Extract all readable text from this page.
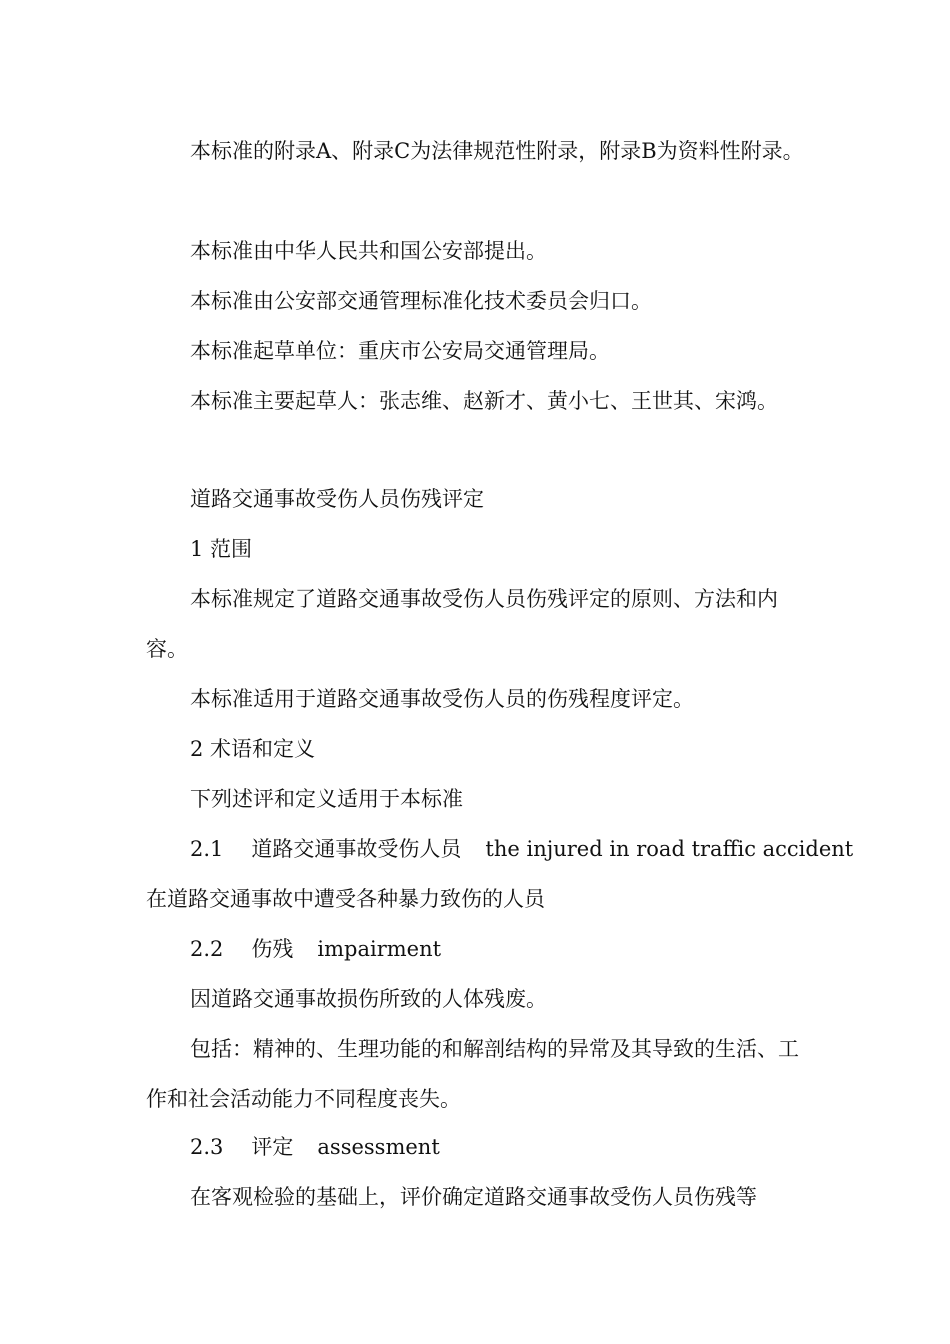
本标准的附录A、附录C为法律规范性附录，附录B为资料性附录。

本标准由中华人民共和国公安部提出。

本标准由公安部交通管理标准化技术委员会归口。

本标准起草单位：重庆市公安局交通管理局。

本标准主要起草人：张志维、赵新才、黄小七、王世其、宋鸿。

道路交通事故受伤人员伤残评定

1 范围

本标准规定了道路交通事故受伤人员伤残评定的原则、方法和内容。

本标准适用于道路交通事故受伤人员的伤残程度评定。

2 术语和定义

下列述评和定义适用于本标准

2.1 道路交通事故受伤人员 the injured in road traffic accident

在道路交通事故中遭受各种暴力致伤的人员

2.2 伤残 impairment

因道路交通事故损伤所致的人体残废。

包括：精神的、生理功能的和解剖结构的异常及其导致的生活、工作和社会活动能力不同程度丧失。

2.3 评定 assessment

在客观检验的基础上，评价确定道路交通事故受伤人员伤残等
